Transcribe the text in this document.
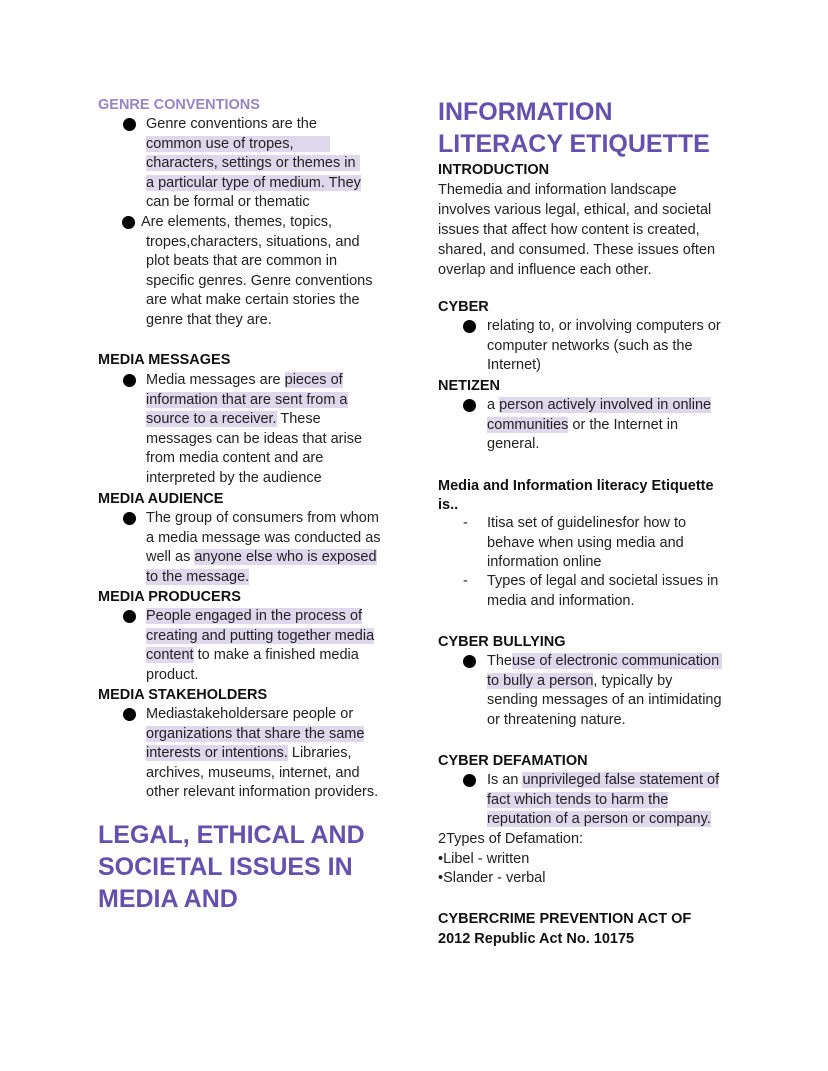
GENRE CONVENTIONS
Genre conventions are the
common use of tropes,
characters, settings or themes in
a particular type of medium. They
can be formal or thematic
Are elements, themes, topics,
tropes,characters, situations, and
plot beats that are common in
specific genres. Genre conventions
are what make certain stories the
genre that they are.
MEDIA MESSAGES
Media messages are pieces of
information that are sent from a
source to a receiver. These
messages can be ideas that arise
from media content and are
interpreted by the audience
MEDIA AUDIENCE
The group of consumers from whom
a media message was conducted as
well as anyone else who is exposed
to the message.
MEDIA PRODUCERS
People engaged in the process of
creating and putting together media
content to make a finished media
product.
MEDIA STAKEHOLDERS
Mediastakeholdersare people or
organizations that share the same
interests or intentions. Libraries,
archives, museums, internet, and
other relevant information providers.
LEGAL, ETHICAL AND
SOCIETAL ISSUES IN
MEDIA AND
INFORMATION
LITERACY ETIQUETTE
INTRODUCTION
Themedia and information landscape
involves various legal, ethical, and societal
issues that affect how content is created,
shared, and consumed. These issues often
overlap and influence each other.
CYBER
relating to, or involving computers or
computer networks (such as the
Internet)
NETIZEN
a person actively involved in online
communities or the Internet in
general.
Media and Information literacy Etiquette
is..
- Itisa set of guidelinesfor how to
behave when using media and
information online
- Types of legal and societal issues in
media and information.
CYBER BULLYING
Theuse of electronic communication
to bully a person, typically by
sending messages of an intimidating
or threatening nature.
CYBER DEFAMATION
Is an unprivileged false statement of
fact which tends to harm the
reputation of a person or company.
2Types of Defamation:
•Libel - written
•Slander - verbal
CYBERCRIME PREVENTION ACT OF
2012 Republic Act No. 10175
